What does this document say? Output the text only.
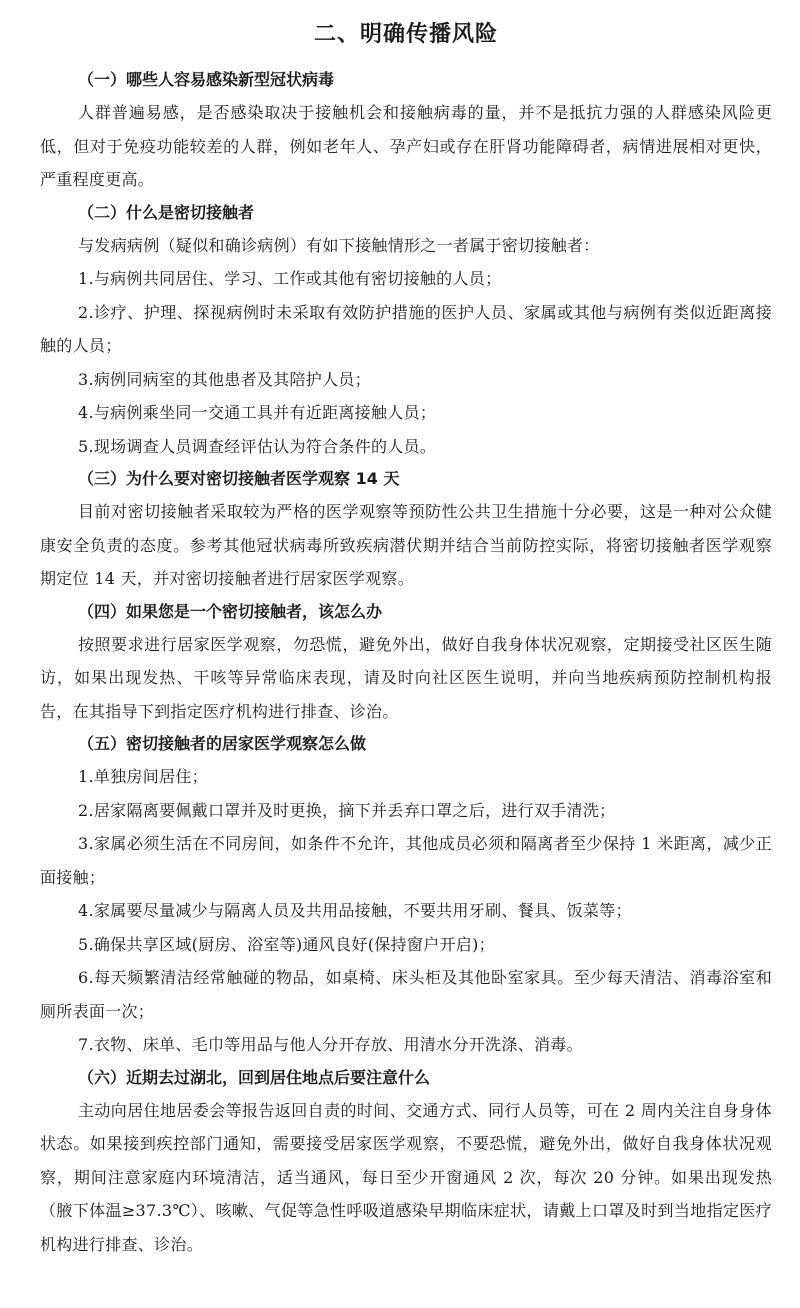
二、明确传播风险

（一）哪些人容易感染新型冠状病毒

人群普遍易感，是否感染取决于接触机会和接触病毒的量，并不是抵抗力强的人群感染风险更低，但对于免疫功能较差的人群，例如老年人、孕产妇或存在肝肾功能障碍者，病情进展相对更快，严重程度更高。

（二）什么是密切接触者

与发病病例（疑似和确诊病例）有如下接触情形之一者属于密切接触者：

1.与病例共同居住、学习、工作或其他有密切接触的人员；

2.诊疗、护理、探视病例时未采取有效防护措施的医护人员、家属或其他与病例有类似近距离接触的人员；

3.病例同病室的其他患者及其陪护人员；

4.与病例乘坐同一交通工具并有近距离接触人员；

5.现场调查人员调查经评估认为符合条件的人员。

（三）为什么要对密切接触者医学观察 14 天

目前对密切接触者采取较为严格的医学观察等预防性公共卫生措施十分必要，这是一种对公众健康安全负责的态度。参考其他冠状病毒所致疾病潜伏期并结合当前防控实际，将密切接触者医学观察期定位 14 天，并对密切接触者进行居家医学观察。

（四）如果您是一个密切接触者，该怎么办

按照要求进行居家医学观察，勿恐慌，避免外出，做好自我身体状况观察，定期接受社区医生随访，如果出现发热、干咳等异常临床表现，请及时向社区医生说明，并向当地疾病预防控制机构报告，在其指导下到指定医疗机构进行排查、诊治。

（五）密切接触者的居家医学观察怎么做

1.单独房间居住；

2.居家隔离要佩戴口罩并及时更换，摘下并丢弃口罩之后，进行双手清洗；

3.家属必须生活在不同房间，如条件不允许，其他成员必须和隔离者至少保持 1 米距离，减少正面接触；

4.家属要尽量减少与隔离人员及共用品接触，不要共用牙刷、餐具、饭菜等；

5.确保共享区域(厨房、浴室等)通风良好(保持窗户开启)；

6.每天频繁清洁经常触碰的物品，如桌椅、床头柜及其他卧室家具。至少每天清洁、消毒浴室和厕所表面一次；

7.衣物、床单、毛巾等用品与他人分开存放、用清水分开洗涤、消毒。

（六）近期去过湖北，回到居住地点后要注意什么

主动向居住地居委会等报告返回自责的时间、交通方式、同行人员等，可在 2 周内关注自身身体状态。如果接到疾控部门通知，需要接受居家医学观察，不要恐慌，避免外出，做好自我身体状况观察，期间注意家庭内环境清洁，适当通风，每日至少开窗通风 2 次，每次 20 分钟。如果出现发热（腋下体温≥37.3℃）、咳嗽、气促等急性呼吸道感染早期临床症状，请戴上口罩及时到当地指定医疗机构进行排查、诊治。
